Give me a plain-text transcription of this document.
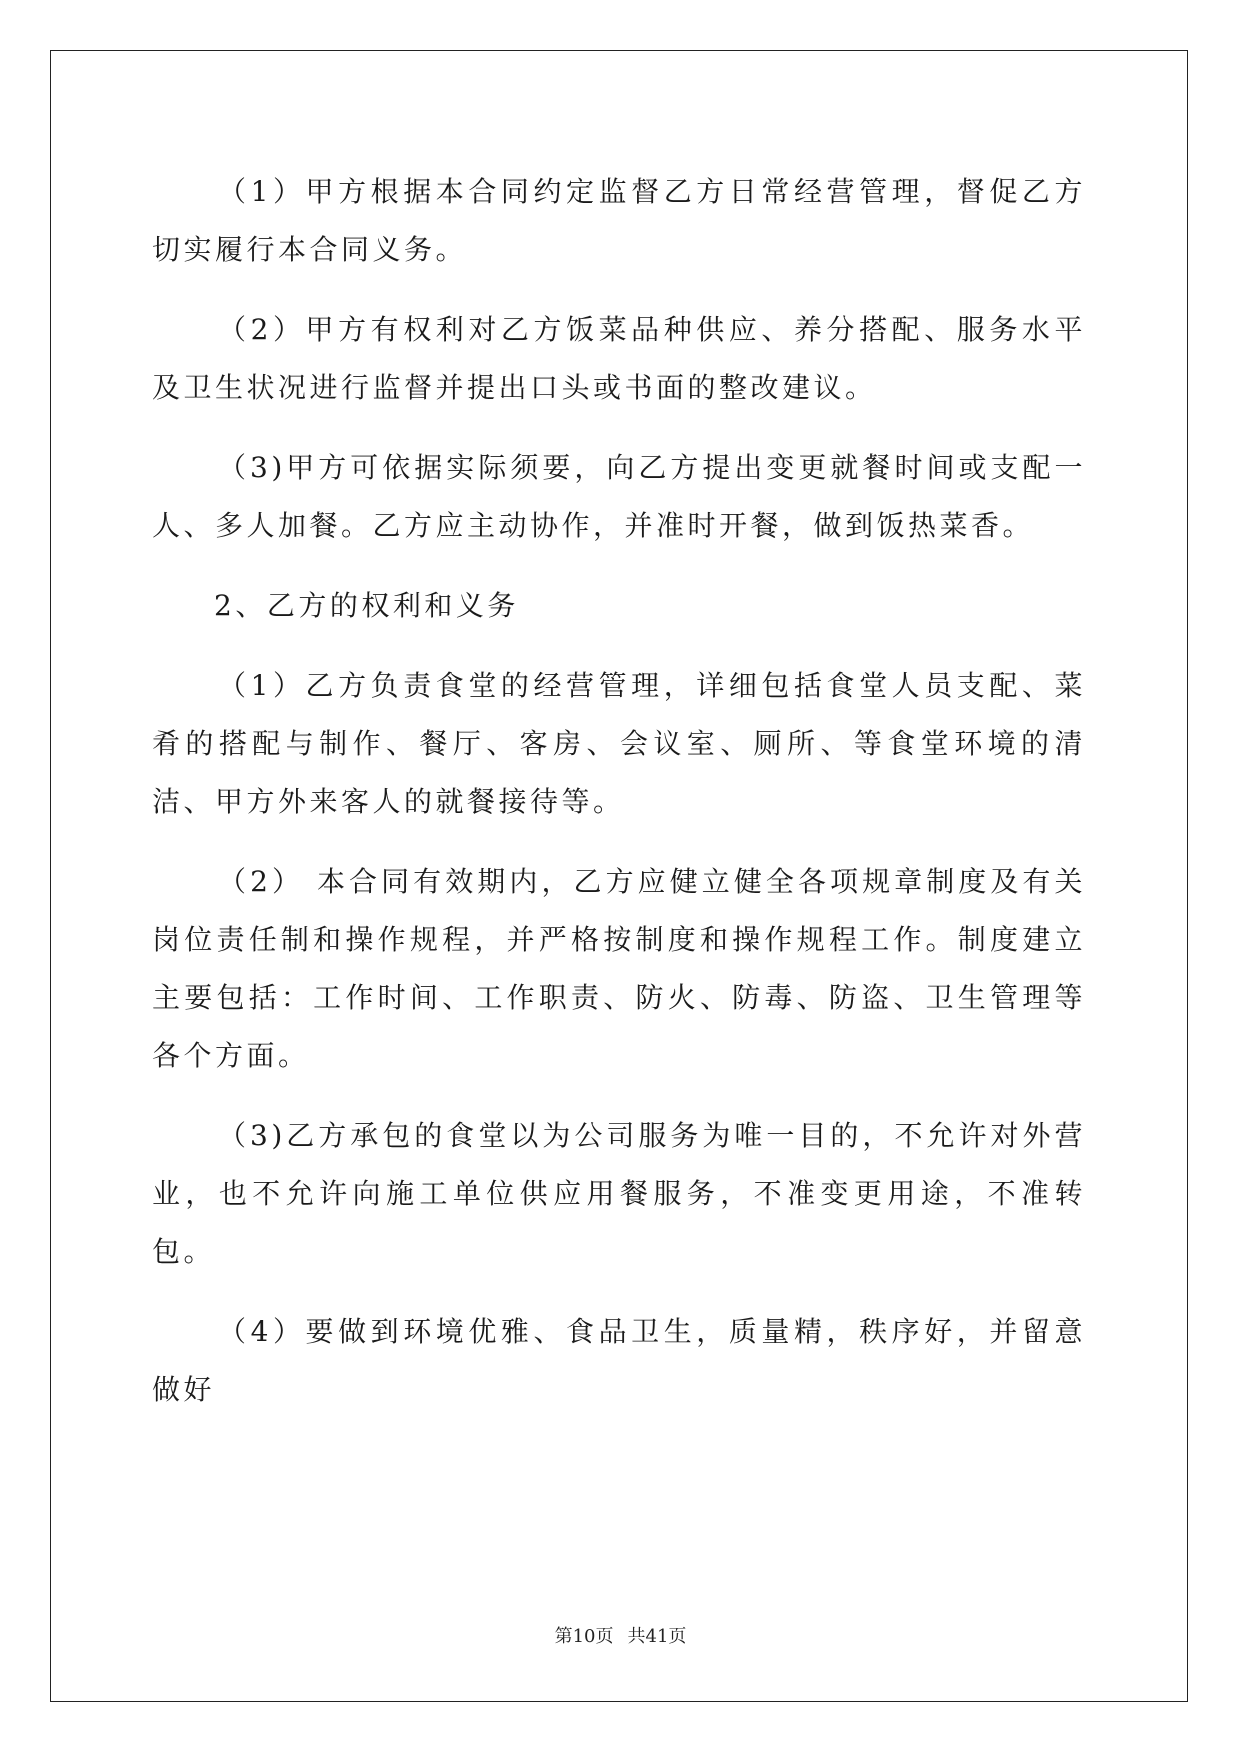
（1）甲方根据本合同约定监督乙方日常经营管理，督促乙方切实履行本合同义务。

（2）甲方有权利对乙方饭菜品种供应、养分搭配、服务水平及卫生状况进行监督并提出口头或书面的整改建议。

（3)甲方可依据实际须要，向乙方提出变更就餐时间或支配一人、多人加餐。乙方应主动协作，并准时开餐，做到饭热菜香。

2、乙方的权利和义务

（1）乙方负责食堂的经营管理，详细包括食堂人员支配、菜肴的搭配与制作、餐厅、客房、会议室、厕所、等食堂环境的清洁、甲方外来客人的就餐接待等。

（2） 本合同有效期内，乙方应健立健全各项规章制度及有关岗位责任制和操作规程，并严格按制度和操作规程工作。制度建立主要包括：工作时间、工作职责、防火、防毒、防盗、卫生管理等各个方面。

（3)乙方承包的食堂以为公司服务为唯一目的，不允许对外营业，也不允许向施工单位供应用餐服务，不准变更用途，不准转包。

（4）要做到环境优雅、食品卫生，质量精，秩序好，并留意做好

第10页 共41页
